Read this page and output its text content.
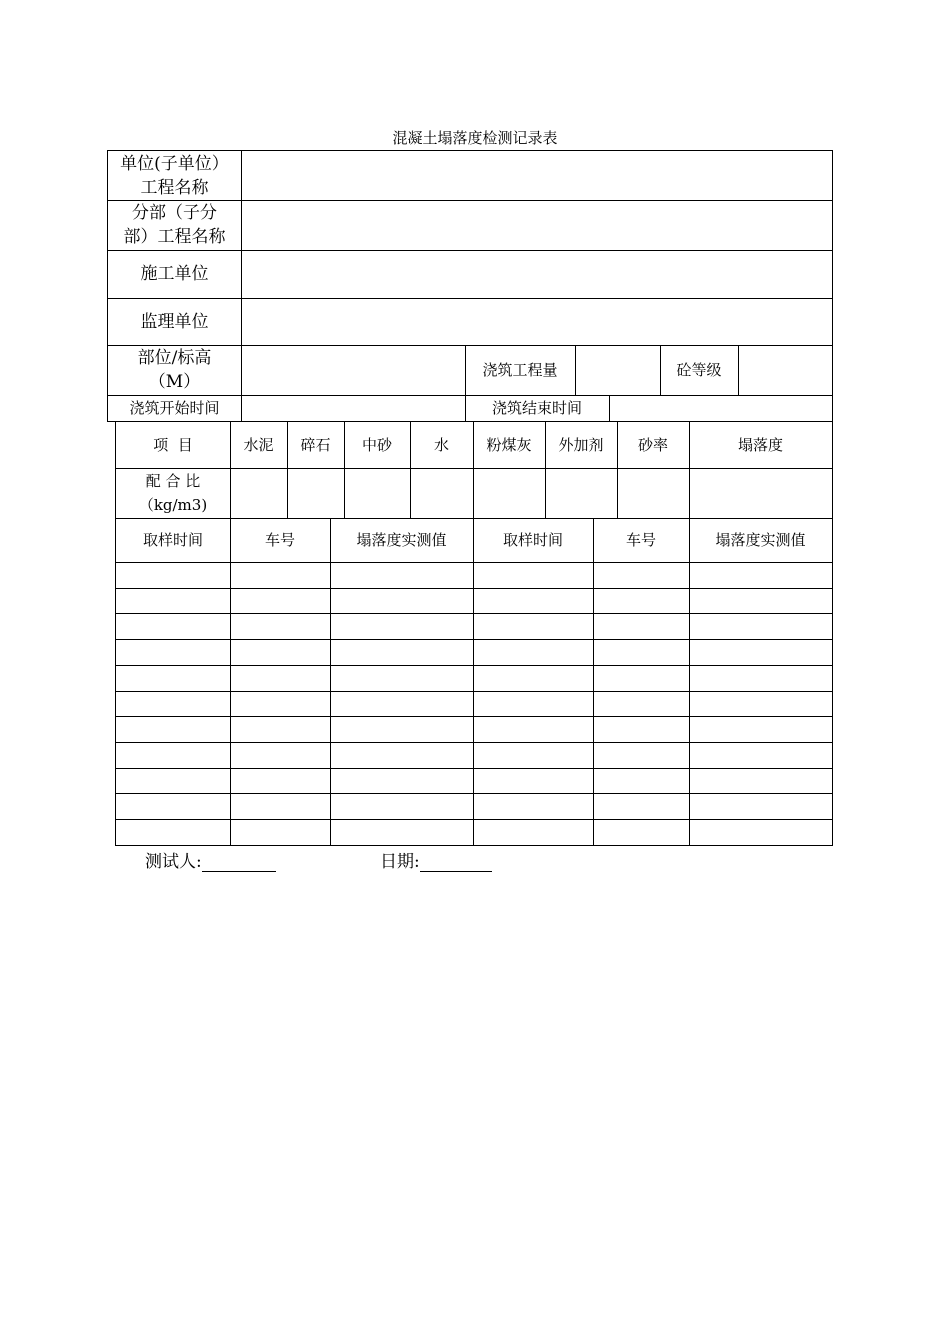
混凝土塌落度检测记录表
单位(子单位）
工程名称
分部（子分
部）工程名称
施工单位
监理单位
部位/标高
（M）
浇筑工程量	砼等级
浇筑开始时间	浇筑结束时间
项  目	水泥	碎石	中砂	水	粉煤灰	外加剂	砂率	塌落度
配 合 比
（kg/m3)
取样时间	车号	塌落度实测值	取样时间	车号	塌落度实测值
测试人:	日期:
